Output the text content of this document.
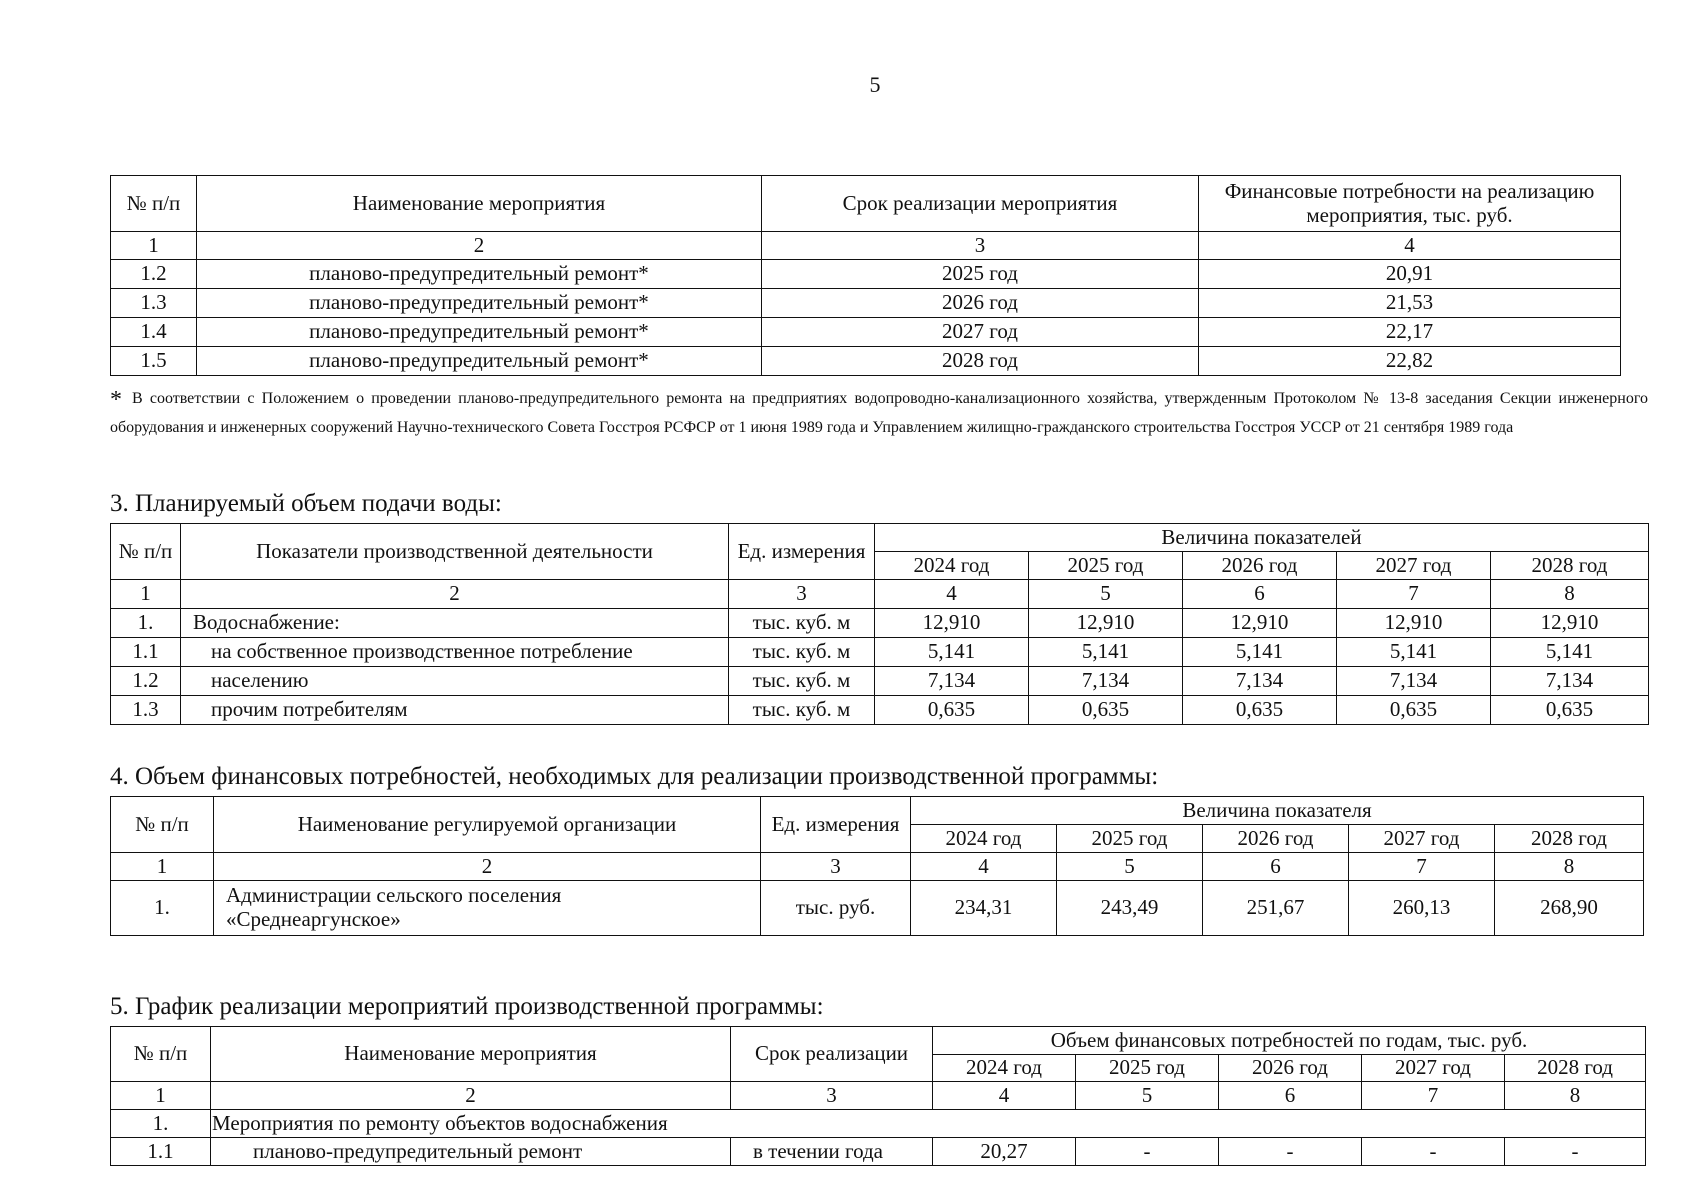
5
№ п/п	Наименование мероприятия	Срок реализации мероприятия	Финансовые потребности на реализацию мероприятия, тыс. руб.
1	2	3	4
1.2	планово-предупредительный ремонт*	2025 год	20,91
1.3	планово-предупредительный ремонт*	2026 год	21,53
1.4	планово-предупредительный ремонт*	2027 год	22,17
1.5	планово-предупредительный ремонт*	2028 год	22,82
* В соответствии с Положением о проведении планово-предупредительного ремонта на предприятиях водопроводно-канализационного хозяйства, утвержденным Протоколом № 13-8 заседания Секции инженерного оборудования и инженерных сооружений Научно-технического Совета Госстроя РСФСР от 1 июня 1989 года и Управлением жилищно-гражданского строительства Госстроя УССР от 21 сентября 1989 года
3. Планируемый объем подачи воды:
№ п/п	Показатели производственной деятельности	Ед. измерения	Величина показателей				
			2024 год	2025 год	2026 год	2027 год	2028 год
1	2	3	4	5	6	7	8
1.	Водоснабжение:	тыс. куб. м	12,910	12,910	12,910	12,910	12,910
1.1	на собственное производственное потребление	тыс. куб. м	5,141	5,141	5,141	5,141	5,141
1.2	населению	тыс. куб. м	7,134	7,134	7,134	7,134	7,134
1.3	прочим потребителям	тыс. куб. м	0,635	0,635	0,635	0,635	0,635
4. Объем финансовых потребностей, необходимых для реализации производственной программы:
№ п/п	Наименование регулируемой организации	Ед. измерения	Величина показателя				
			2024 год	2025 год	2026 год	2027 год	2028 год
1	2	3	4	5	6	7	8
1.	Администрации сельского поселения «Среднеаргунское»	тыс. руб.	234,31	243,49	251,67	260,13	268,90
5. График реализации мероприятий производственной программы:
№ п/п	Наименование мероприятия	Срок реализации	Объем финансовых потребностей по годам, тыс. руб.				
			2024 год	2025 год	2026 год	2027 год	2028 год
1	2	3	4	5	6	7	8
1.	Мероприятия по ремонту объектов водоснабжения						
1.1	планово-предупредительный ремонт	в течении года	20,27	-	-	-	-
